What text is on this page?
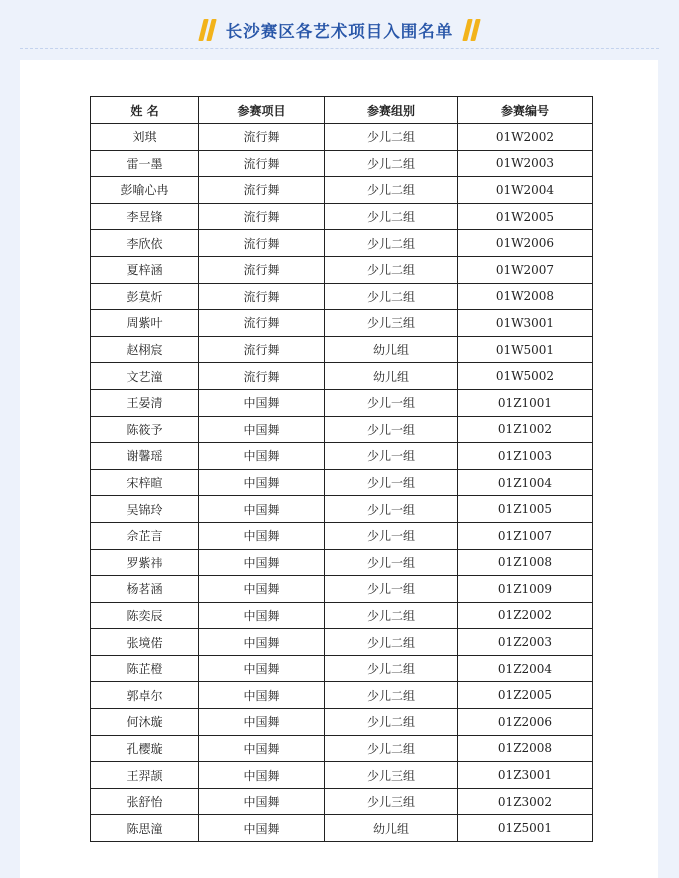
长沙赛区各艺术项目入围名单
姓 名	参赛项目	参赛组别	参赛编号
刘琪	流行舞	少儿二组	01W2002
雷一墨	流行舞	少儿二组	01W2003
彭喻心冉	流行舞	少儿二组	01W2004
李昱锋	流行舞	少儿二组	01W2005
李欣依	流行舞	少儿二组	01W2006
夏梓涵	流行舞	少儿二组	01W2007
彭莫炘	流行舞	少儿二组	01W2008
周紫叶	流行舞	少儿三组	01W3001
赵栩宸	流行舞	幼儿组	01W5001
文艺潼	流行舞	幼儿组	01W5002
王晏清	中国舞	少儿一组	01Z1001
陈筱予	中国舞	少儿一组	01Z1002
谢馨瑶	中国舞	少儿一组	01Z1003
宋梓暄	中国舞	少儿一组	01Z1004
吴锦玲	中国舞	少儿一组	01Z1005
佘芷言	中国舞	少儿一组	01Z1007
罗紫祎	中国舞	少儿一组	01Z1008
杨茗涵	中国舞	少儿一组	01Z1009
陈奕辰	中国舞	少儿二组	01Z2002
张境偌	中国舞	少儿二组	01Z2003
陈芷橙	中国舞	少儿二组	01Z2004
郭卓尔	中国舞	少儿二组	01Z2005
何沐璇	中国舞	少儿二组	01Z2006
孔樱璇	中国舞	少儿二组	01Z2008
王羿颉	中国舞	少儿三组	01Z3001
张舒怡	中国舞	少儿三组	01Z3002
陈思潼	中国舞	幼儿组	01Z5001
